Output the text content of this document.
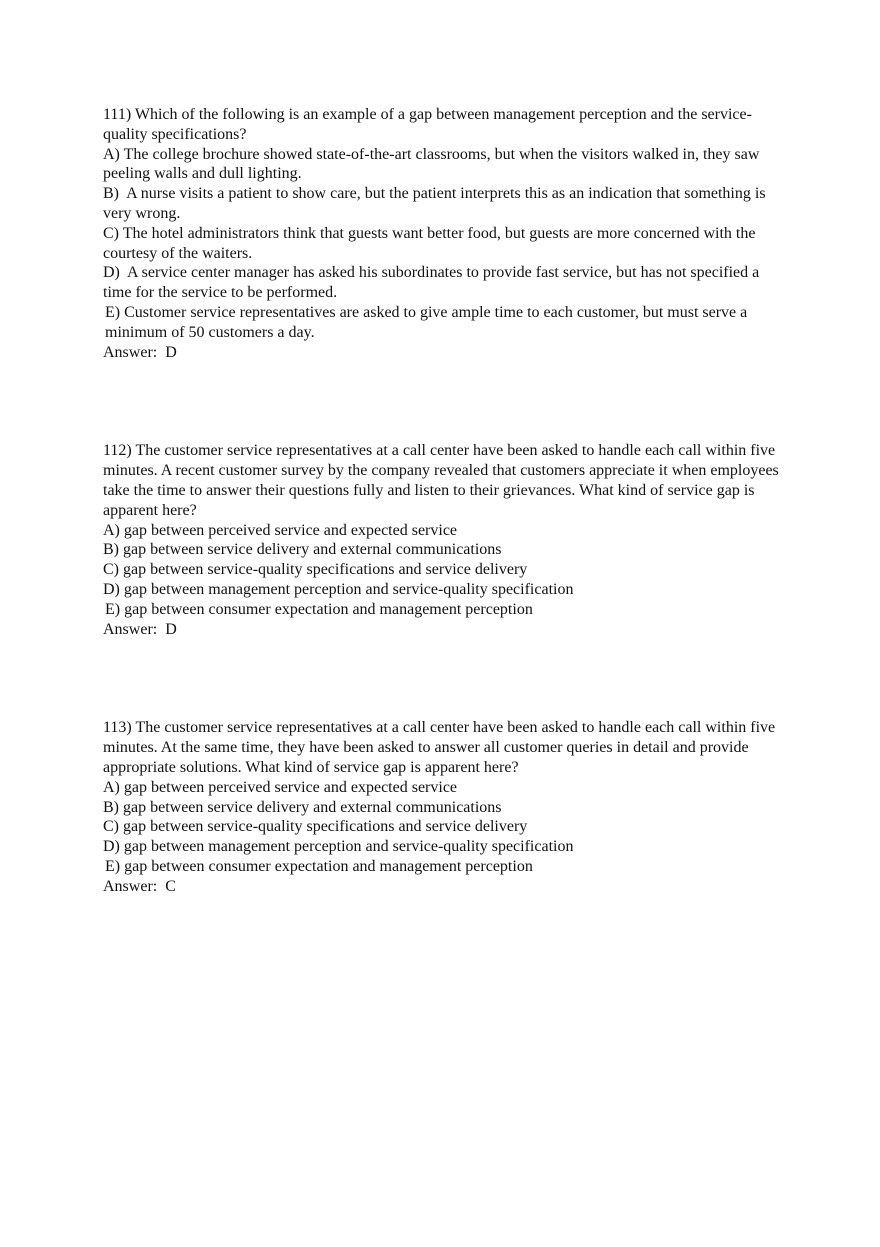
111) Which of the following is an example of a gap between management perception and the service-quality specifications?
A) The college brochure showed state-of-the-art classrooms, but when the visitors walked in, they saw peeling walls and dull lighting.
B)  A nurse visits a patient to show care, but the patient interprets this as an indication that something is very wrong.
C) The hotel administrators think that guests want better food, but guests are more concerned with the courtesy of the waiters.
D)  A service center manager has asked his subordinates to provide fast service, but has not specified a time for the service to be performed.
E) Customer service representatives are asked to give ample time to each customer, but must serve a minimum of 50 customers a day.
Answer:  D
112) The customer service representatives at a call center have been asked to handle each call within five minutes. A recent customer survey by the company revealed that customers appreciate it when employees take the time to answer their questions fully and listen to their grievances. What kind of service gap is apparent here?
A) gap between perceived service and expected service
B) gap between service delivery and external communications
C) gap between service-quality specifications and service delivery
D) gap between management perception and service-quality specification
E) gap between consumer expectation and management perception
Answer:  D
113) The customer service representatives at a call center have been asked to handle each call within five minutes. At the same time, they have been asked to answer all customer queries in detail and provide appropriate solutions. What kind of service gap is apparent here?
A) gap between perceived service and expected service
B) gap between service delivery and external communications
C) gap between service-quality specifications and service delivery
D) gap between management perception and service-quality specification
E) gap between consumer expectation and management perception
Answer:  C
